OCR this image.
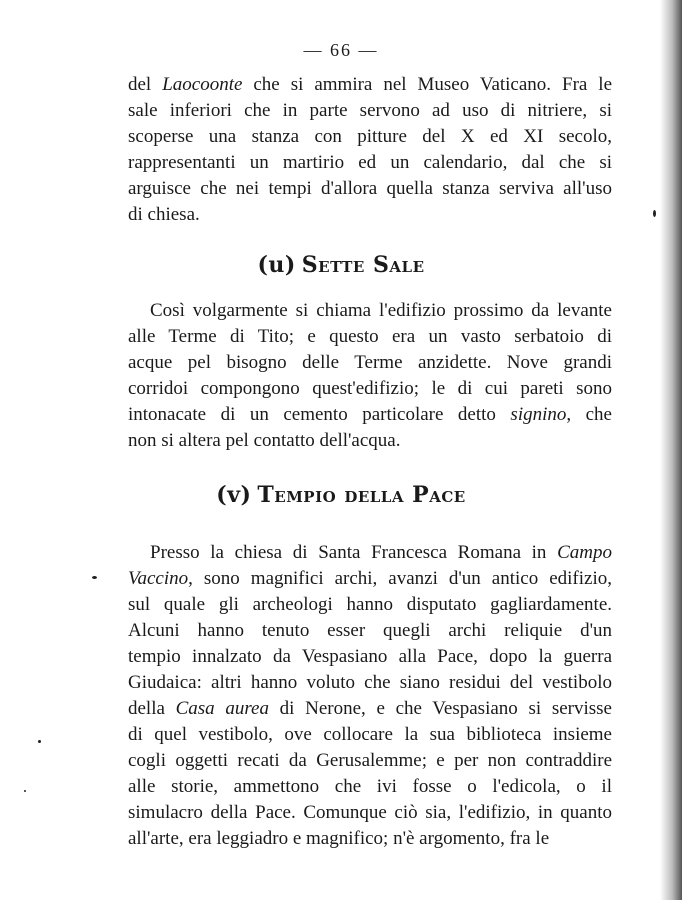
— 66 —
del Laocoonte che si ammira nel Museo Vaticano. Fra le
sale inferiori che in parte servono ad uso di nitriere, si
scoperse una stanza con pitture del X ed XI secolo,
rappresentanti un martirio ed un calendario, dal che si
arguisce che nei tempi d'allora quella stanza serviva all'uso
di chiesa.
(u) Sette Sale
Così volgarmente si chiama l'edifizio prossimo da levante
alle Terme di Tito; e questo era un vasto serbatoio di
acque pel bisogno delle Terme anzidette. Nove grandi
corridoi compongono quest'edifizio; le di cui pareti sono
intonacate di un cemento particolare detto signino, che
non si altera pel contatto dell'acqua.
(v) Tempio della Pace
Presso la chiesa di Santa Francesca Romana in Campo
Vaccino, sono magnifici archi, avanzi d'un antico edifizio,
sul quale gli archeologi hanno disputato gagliardamente.
Alcuni hanno tenuto esser quegli archi reliquie d'un
tempio innalzato da Vespasiano alla Pace, dopo la guerra
Giudaica: altri hanno voluto che siano residui del vestibolo
della Casa aurea di Nerone, e che Vespasiano si servisse
di quel vestibolo, ove collocare la sua biblioteca insieme
cogli oggetti recati da Gerusalemme; e per non contraddire
alle storie, ammettono che ivi fosse o l'edicola, o il
simulacro della Pace. Comunque ciò sia, l'edifizio, in quanto
all'arte, era leggiadro e magnifico; n'è argomento, fra le
